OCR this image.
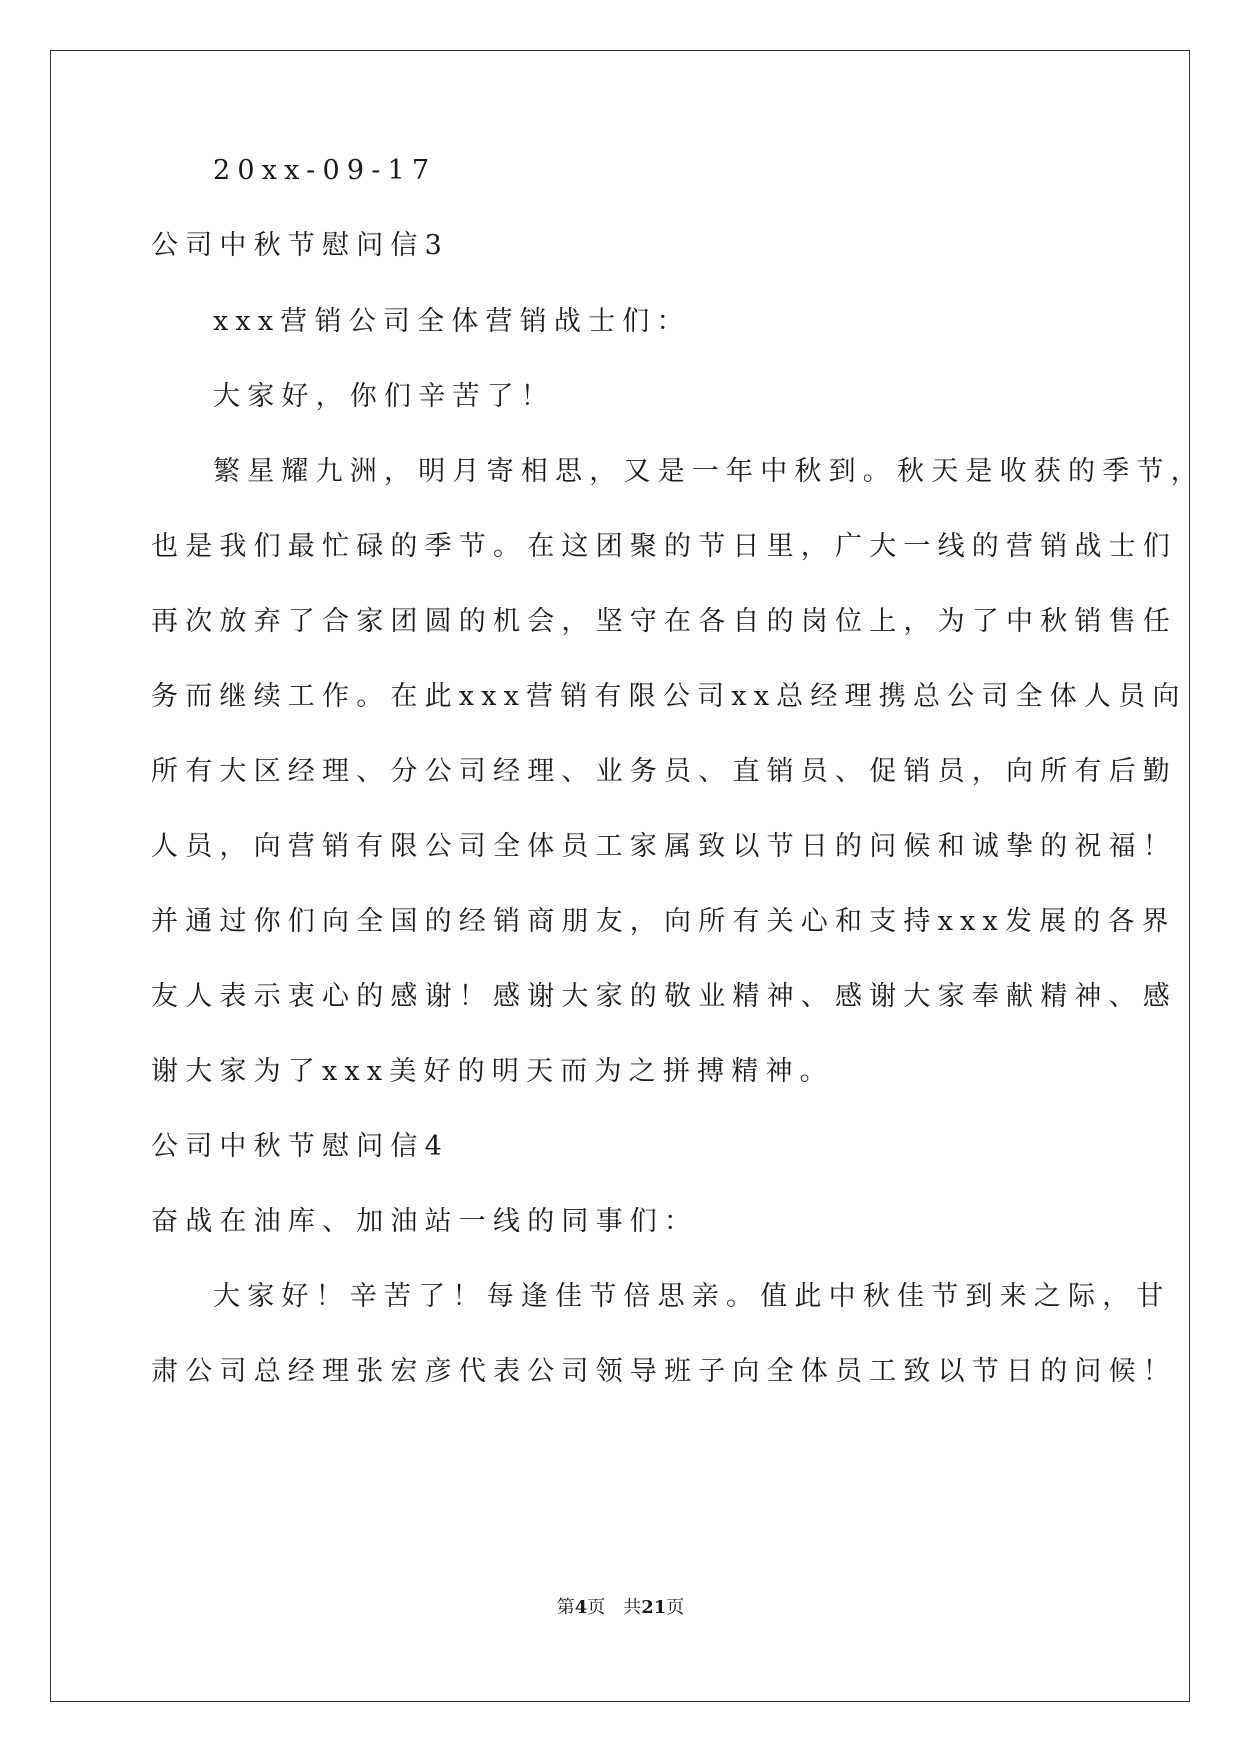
20xx-09-17
公司中秋节慰问信3
xxx营销公司全体营销战士们：
大家好，你们辛苦了！
繁星耀九洲，明月寄相思，又是一年中秋到。秋天是收获的季节，
也是我们最忙碌的季节。在这团聚的节日里，广大一线的营销战士们
再次放弃了合家团圆的机会，坚守在各自的岗位上，为了中秋销售任
务而继续工作。在此xxx营销有限公司xx总经理携总公司全体人员向
所有大区经理、分公司经理、业务员、直销员、促销员，向所有后勤
人员，向营销有限公司全体员工家属致以节日的问候和诚挚的祝福！
并通过你们向全国的经销商朋友，向所有关心和支持xxx发展的各界
友人表示衷心的感谢！感谢大家的敬业精神、感谢大家奉献精神、感
谢大家为了xxx美好的明天而为之拼搏精神。
公司中秋节慰问信4
奋战在油库、加油站一线的同事们：
大家好！辛苦了！每逢佳节倍思亲。值此中秋佳节到来之际，甘
肃公司总经理张宏彦代表公司领导班子向全体员工致以节日的问候！
第4页　共21页
